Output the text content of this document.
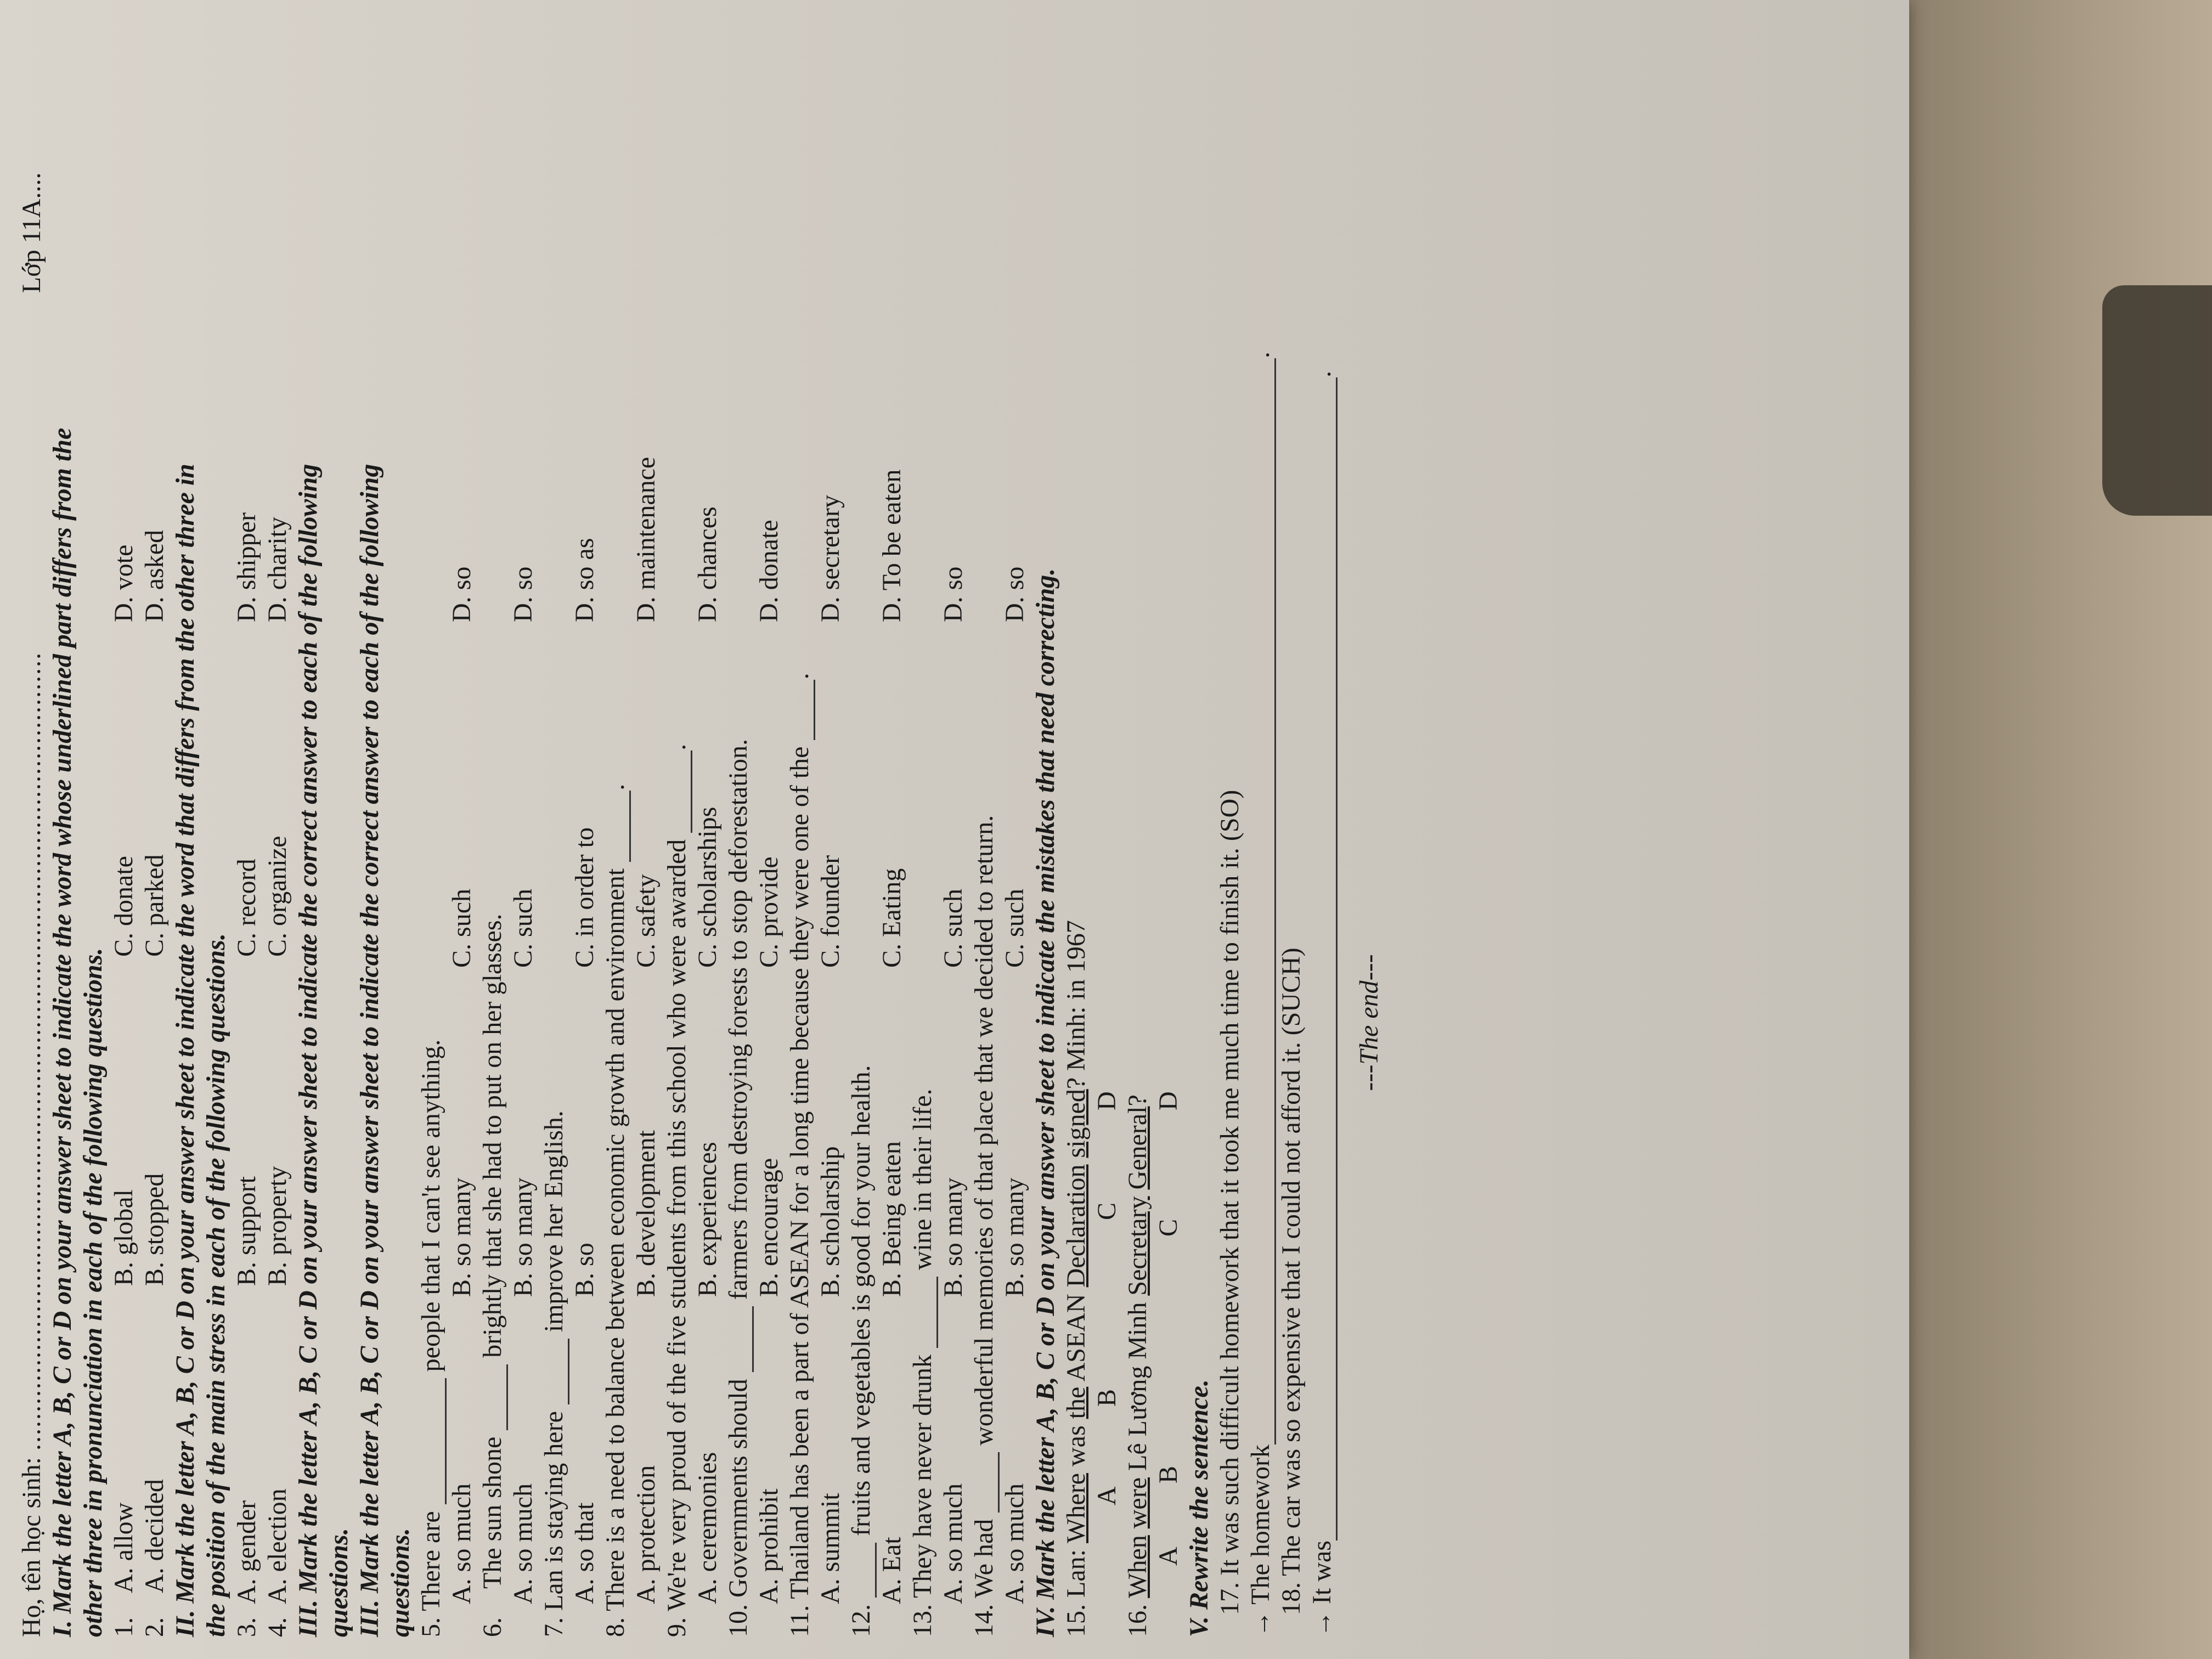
Họ, tên học sinh: ........................................................................................................
Lớp 11A....
I. Mark the letter A, B, C or D on your answer sheet to indicate the word whose underlined part differs from the other three in pronunciation in each of the following questions. 1.
A. allow
B. global
C. donate
D. vote
2.
A. decided
B. stopped
C. parked
D. asked II. Mark the letter A, B, C or D on your answer sheet to indicate the word that differs from the other three in the position of the main stress in each of the following questions. 3.
A. gender
B. support
C. record
D. shipper
4.
A. election
B. property
C. organize
D. charity III. Mark the letter A, B, C or D on your answer sheet to indicate the correct answer to each of the following questions. III. Mark the letter A, B, C or D on your answer sheet to indicate the correct answer to each of the following questions. 5. There are  people that I can't see anything.
A. so much
B. so many
C. such
D. so
6. The sun shone  brightly that she had to put on her glasses.
A. so much
B. so many
C. such
D. so
7. Lan is staying here  improve her English.
A. so that
B. so
C. in order to
D. so as
8. There is a need to balance between economic growth and environment .
A. protection
B. development
C. safety
D. maintenance
9. We're very proud of the five students from this school who were awarded .
A. ceremonies
B. experiences
C. scholarships
D. chances
10. Governments should  farmers from destroying forests to stop deforestation.
A. prohibit
B. encourage
C. provide
D. donate
11. Thailand has been a part of ASEAN for a long time because they were one of the .
A. summit
B. scholarship
C. founder
D. secretary
12.  fruits and vegetables is good for your health.
A. Eat
B. Being eaten
C. Eating
D. To be eaten
13. They have never drunk  wine in their life.
A. so much
B. so many
C. such
D. so
14. We had  wonderful memories of that place that we decided to return.
A. so much
B. so many
C. such
D. so IV. Mark the letter A, B, C or D on your answer sheet to indicate the mistakes that need correcting. 15. Lan: Where was the ASEAN Declaration signed? Minh: in 1967
A
B
C
D
16. When were Lê Lương Minh Secretary General?
A
B
C
D
V. Rewrite the sentence. 17. It was such difficult homework that it took me much time to finish it. (SO) → The homework.
18. The car was so expensive that I could not afford it. (SUCH) → It was.
---The end---
